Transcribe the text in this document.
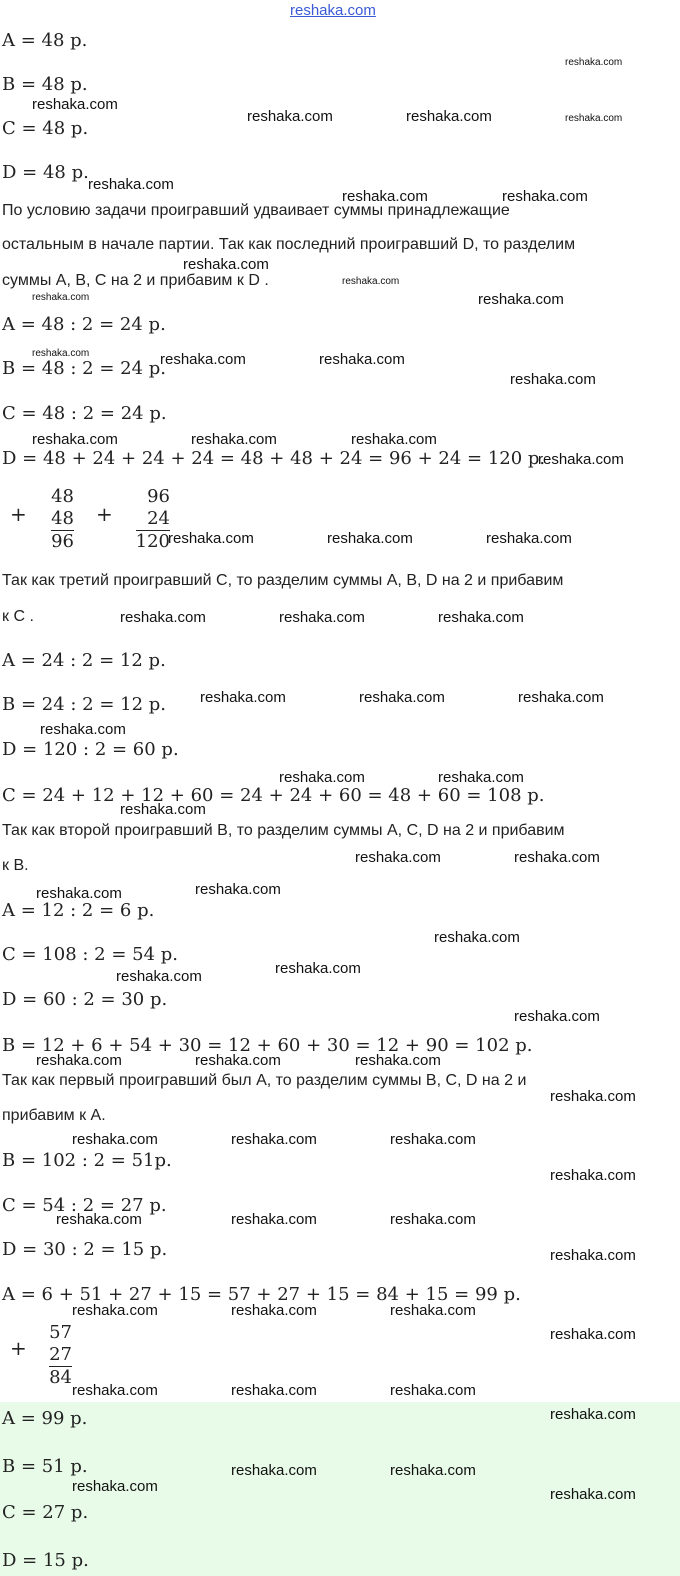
reshaka.com
A = 48 р.
B = 48 р.
C = 48 р.
D = 48 р.
По условию задачи проигравший удваивает суммы принадлежащие
остальным в начале партии. Так как последний проигравший D, то разделим
суммы A, B, C на 2 и прибавим к D .
A = 48 : 2 = 24 р.
B = 48 : 2 = 24 р.
C = 48 : 2 = 24 р.
D = 48 + 24 + 24 + 24 = 48 + 48 + 24 = 96 + 24 = 120 р.
+
48
48
96
+
96
24
120
Так как третий проигравший C, то разделим суммы A, B, D на 2 и прибавим
к C .
A = 24 : 2 = 12 р.
B = 24 : 2 = 12 р.
D = 120 : 2 = 60 р.
C = 24 + 12 + 12 + 60 = 24 + 24 + 60 = 48 + 60 = 108 р.
Так как второй проигравший B, то разделим суммы A, C, D на 2 и прибавим
к B.
A = 12 : 2 = 6 р.
C = 108 : 2 = 54 р.
D = 60 : 2 = 30 р.
B = 12 + 6 + 54 + 30 = 12 + 60 + 30 = 12 + 90 = 102 р.
Так как первый проигравший был A, то разделим суммы B, C, D на 2 и
прибавим к A.
B = 102 : 2 = 51р.
C = 54 : 2 = 27 р.
D = 30 : 2 = 15 р.
A = 6 + 51 + 27 + 15 = 57 + 27 + 15 = 84 + 15 = 99 р.
+
57
27
84
A = 99 р.
B = 51 р.
C = 27 р.
D = 15 р.
reshaka.com
reshaka.com
reshaka.com	reshaka.com	reshaka.com
reshaka.com
reshaka.com	reshaka.com
reshaka.com
reshaka.com
reshaka.com	reshaka.com
reshaka.com	reshaka.com	reshaka.com
reshaka.com
reshaka.com	reshaka.com	reshaka.com
reshaka.com
reshaka.com	reshaka.com	reshaka.com
reshaka.com	reshaka.com	reshaka.com
reshaka.com	reshaka.com	reshaka.com
reshaka.com
reshaka.com	reshaka.com
reshaka.com
reshaka.com	reshaka.com
reshaka.com
reshaka.com
reshaka.com
reshaka.com
reshaka.com
reshaka.com
reshaka.com	reshaka.com	reshaka.com
reshaka.com
reshaka.com	reshaka.com	reshaka.com
reshaka.com
reshaka.com	reshaka.com	reshaka.com
reshaka.com
reshaka.com	reshaka.com	reshaka.com
reshaka.com
reshaka.com	reshaka.com	reshaka.com
reshaka.com
reshaka.com	reshaka.com
reshaka.com	reshaka.com
